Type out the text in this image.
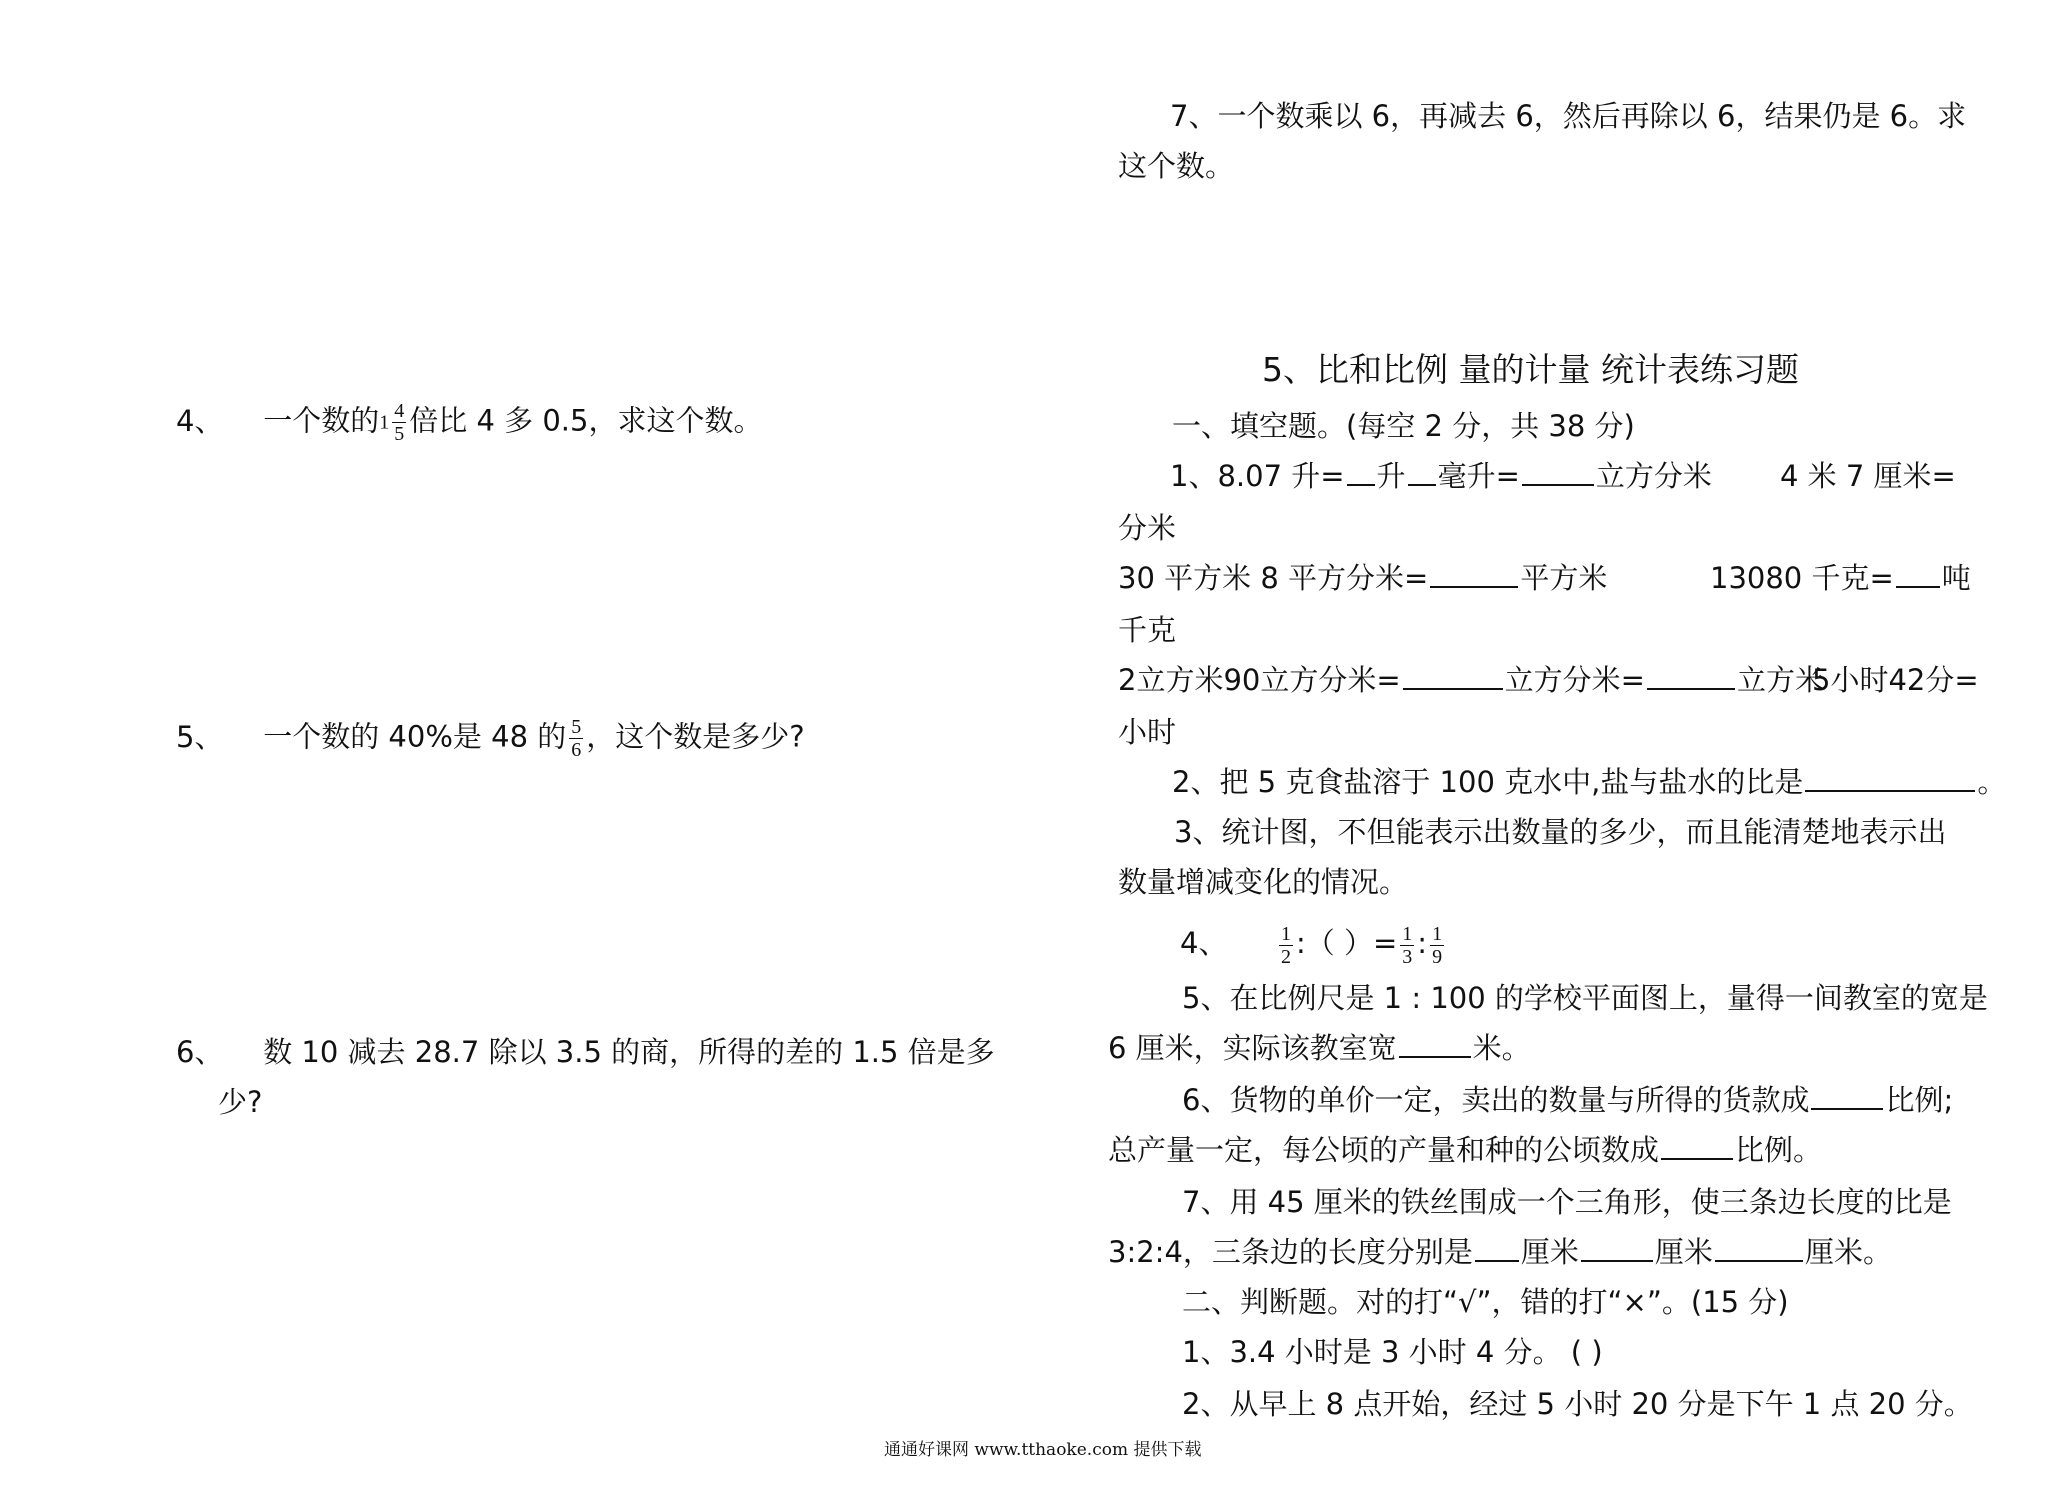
4、 一个数的$1 \frac{4}{5}$ 倍比 4 多 0.5，求这个数。
5、 一个数的 40%是 48 的 $\frac{5}{6}$ ，这个数是多少?
6、 数 10 减去 28.7 除以 3.5 的商，所得的差的 1.5 倍是多
少?
7、一个数乘以 6，再减去 6，然后再除以 6，结果仍是 6。求
这个数。
5、比和比例 量的计量 统计表练习题
一、填空题。(每空 2 分，共 38 分)
1、8.07 升= 升 毫升=	立方分米 4 米 7 厘米=
分米
30 平方米 8 平方分米=	平方米	13080 千克= 吨
千克
2立方米90立方分米=	立方分米=	立方米
5小时42分=
小时
2、把 5 克食盐溶于 100 克水中,盐与盐水的比是	。
3、统计图，不但能表示出数量的多少，而且能清楚地表示出
数量增减变化的情况。
4、	$\frac{1}{2}$ :（ ）= $\frac{1}{3}$ : $\frac{1}{9}$
5、在比例尺是 1 : 100 的学校平面图上，量得一间教室的宽是
6 厘米，实际该教室宽	米。
6、货物的单价一定，卖出的数量与所得的货款成	比例;
总产量一定，每公顷的产量和种的公顷数成	比例。
7、用 45 厘米的铁丝围成一个三角形，使三条边长度的比是
3:2:4，三条边的长度分别是 厘米	厘米	厘米。
二、判断题。对的打“√”，错的打“×”。(15 分)
1、3.4 小时是 3 小时 4 分。 ( )
2、从早上 8 点开始，经过 5 小时 20 分是下午 1 点 20 分。
通通好课网 www.tthaoke.com 提供下载
